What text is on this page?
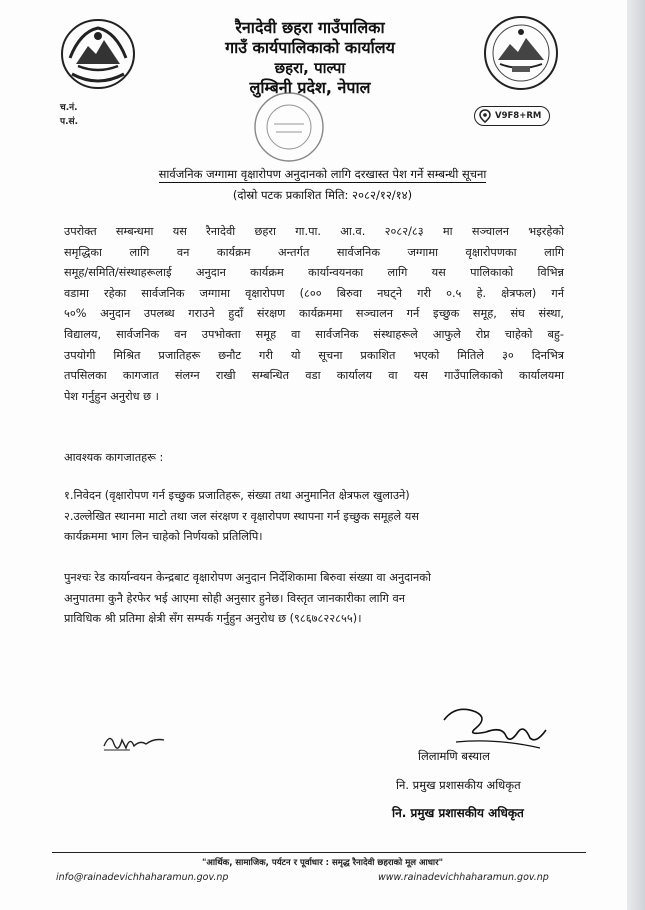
रैनादेवी छहरा गाउँपालिका
गाउँ कार्यपालिकाको कार्यालय
छहरा, पाल्पा
लुम्बिनी प्रदेश, नेपाल
च.नं.
प.सं.
V9F8+RM
सार्वजनिक जग्गामा वृक्षारोपण अनुदानको लागि दरखास्त पेश गर्ने सम्बन्धी सूचना
(दोस्रो पटक प्रकाशित मिति: २०८२/१२/१४)
उपरोक्त सम्बन्धमा यस रैनादेवी छहरा गा.पा. आ.व. २०८२/८३ मा सञ्चालन भइरहेको
समृद्धिका लागि वन कार्यक्रम अन्तर्गत सार्वजनिक जग्गामा वृक्षारोपणका लागि
समूह/समिति/संस्थाहरूलाई अनुदान कार्यक्रम कार्यान्वयनका लागि यस पालिकाको विभिन्न
वडामा रहेका सार्वजनिक जग्गामा वृक्षारोपण (८०० बिरुवा नघट्ने गरी ०.५ हे. क्षेत्रफल) गर्न
५०% अनुदान उपलब्ध गराउने हुदाँ संरक्षण कार्यक्रममा सञ्चालन गर्न इच्छुक समूह, संघ संस्था,
विद्यालय, सार्वजनिक वन उपभोक्ता समूह वा सार्वजनिक संस्थाहरूले आफुले रोप्न चाहेको बहु-
उपयोगी मिश्रित प्रजातिहरू छनौट गरी यो सूचना प्रकाशित भएको मितिले ३० दिनभित्र
तपसिलका कागजात संलग्न राखी सम्बन्धित वडा कार्यालय वा यस गाउँपालिकाको कार्यालयमा
पेश गर्नुहुन अनुरोध छ ।
आवश्यक कागजातहरू :
१.निवेदन (वृक्षारोपण गर्न इच्छुक प्रजातिहरू, संख्या तथा अनुमानित क्षेत्रफल खुलाउने)
२.उल्लेखित स्थानमा माटो तथा जल संरक्षण र वृक्षारोपण स्थापना गर्न इच्छुक समूहले यस
कार्यक्रममा भाग लिन चाहेको निर्णयको प्रतिलिपि।
पुनश्चः रेड कार्यान्वयन केन्द्रबाट वृक्षारोपण अनुदान निर्देशिकामा बिरुवा संख्या वा अनुदानको
अनुपातमा कुनै हेरफेर भई आएमा सोही अनुसार हुनेछ। विस्तृत जानकारीका लागि वन
प्राविधिक श्री प्रतिमा क्षेत्री सँग सम्पर्क गर्नुहुन अनुरोध छ (९८६७८२२८५५)।
लिलामणि बस्याल
नि. प्रमुख प्रशासकीय अधिकृत
नि. प्रमुख प्रशासकीय अधिकृत
"आर्थिक, सामाजिक, पर्यटन र पूर्वाधार : समृद्ध रैनादेवी छहराको मूल आधार"
info@rainadevichhaharamun.gov.np	www.rainadevichhaharamun.gov.np
